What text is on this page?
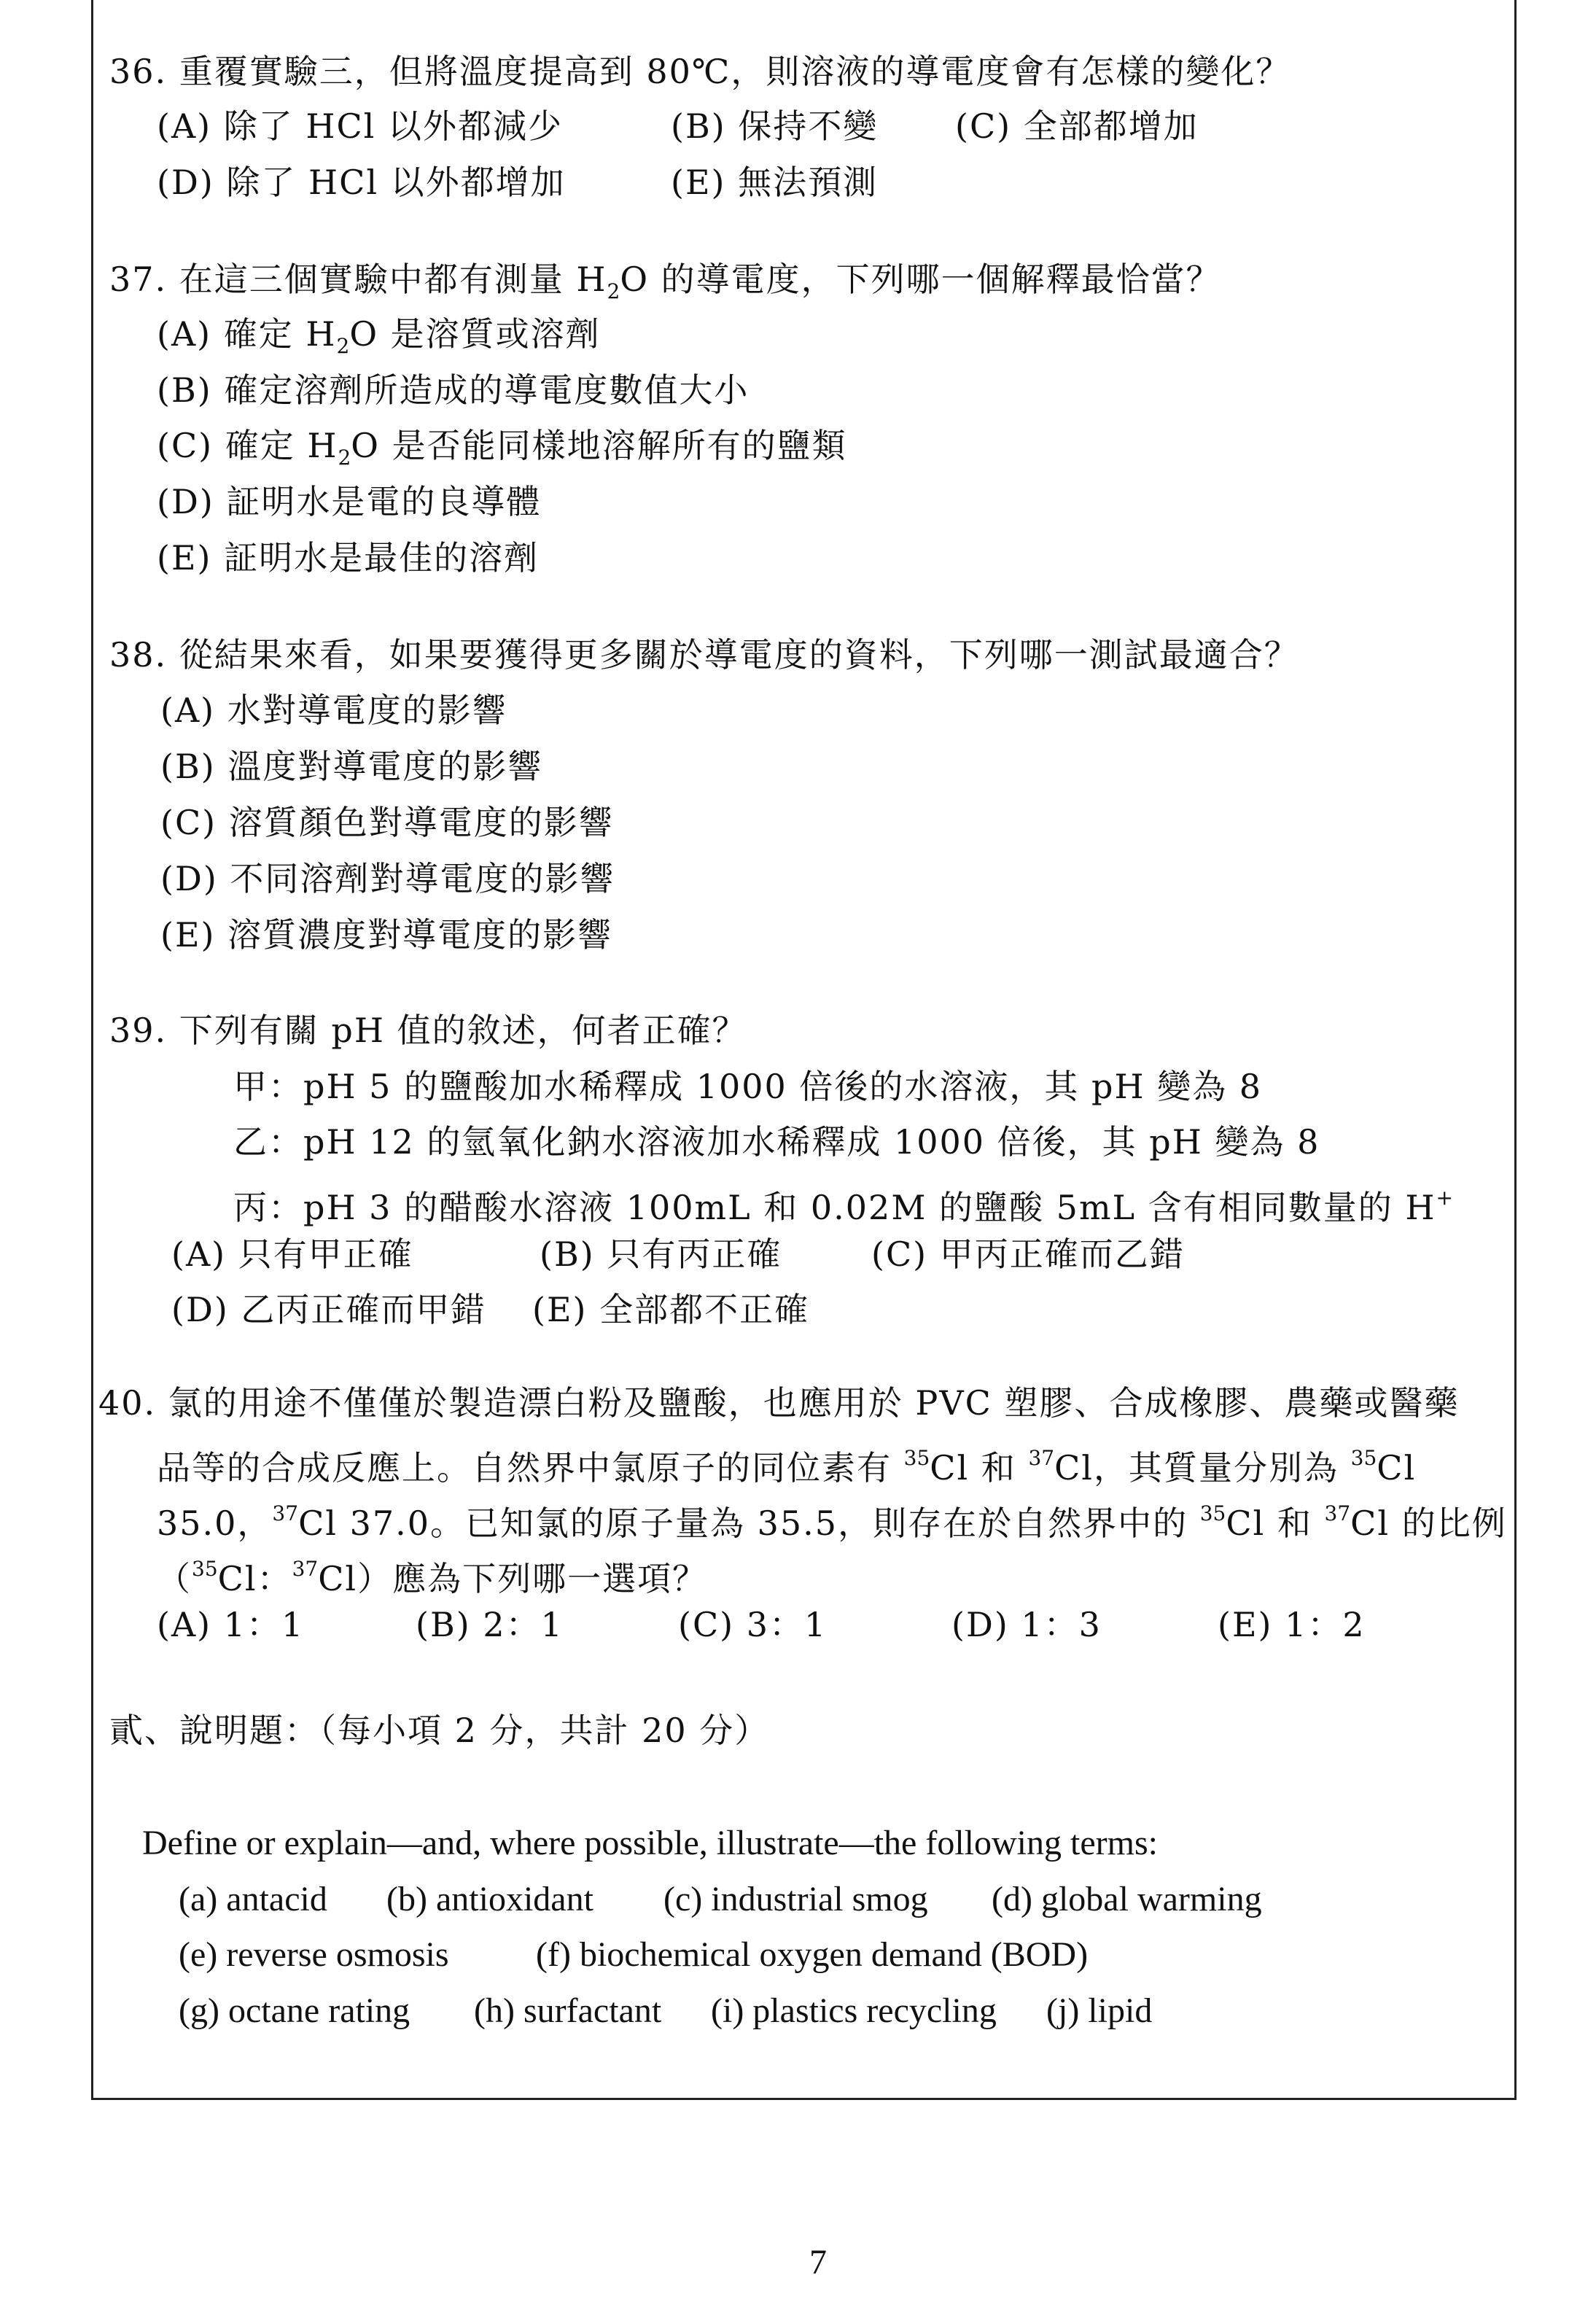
36. 重覆實驗三，但將溫度提高到 80℃，則溶液的導電度會有怎樣的變化？
(A) 除了 HCl 以外都減少	(B) 保持不變 (C) 全部都增加
(D) 除了 HCl 以外都增加	(E) 無法預測
37. 在這三個實驗中都有測量 $H_2O$ 的導電度，下列哪一個解釋最恰當？
(A) 確定 $H_2O$ 是溶質或溶劑
(B) 確定溶劑所造成的導電度數值大小
(C) 確定 $H_2O$ 是否能同樣地溶解所有的鹽類
(D) 証明水是電的良導體
(E) 証明水是最佳的溶劑
38. 從結果來看，如果要獲得更多關於導電度的資料，下列哪一測試最適合？
(A) 水對導電度的影響
(B) 溫度對導電度的影響
(C) 溶質顏色對導電度的影響
(D) 不同溶劑對導電度的影響
(E) 溶質濃度對導電度的影響
39. 下列有關 pH 值的敘述，何者正確？
甲：pH 5 的鹽酸加水稀釋成 1000 倍後的水溶液，其 pH 變為 8
乙：pH 12 的氫氧化鈉水溶液加水稀釋成 1000 倍後，其 pH 變為 8
丙：pH 3 的醋酸水溶液 100mL 和 0.02M 的鹽酸 5mL 含有相同數量的 H+
(A) 只有甲正確	(B) 只有丙正確	(C) 甲丙正確而乙錯
(D) 乙丙正確而甲錯 (E) 全部都不正確
40. 氯的用途不僅僅於製造漂白粉及鹽酸，也應用於 PVC 塑膠、合成橡膠、農藥或醫藥
品等的合成反應上。自然界中氯原子的同位素有 $^{35}$Cl 和 $^{37}$Cl，其質量分別為 $^{35}$Cl
35.0，$^{37}$Cl 37.0。已知氯的原子量為 35.5，則存在於自然界中的 $^{35}$Cl 和 $^{37}$Cl 的比例
（$^{35}$Cl：$^{37}$Cl）應為下列哪一選項？
(A) 1：1	(B) 2：1	(C) 3：1	(D) 1：3	(E) 1：2
貳、說明題：（每小項 2 分，共計 20 分）
Define or explain—and, where possible, illustrate—the following terms:
(a) antacid (b) antioxidant (c) industrial smog (d) global warming
(e) reverse osmosis (f) biochemical oxygen demand (BOD)
(g) octane rating (h) surfactant (i) plastics recycling (j) lipid
7
